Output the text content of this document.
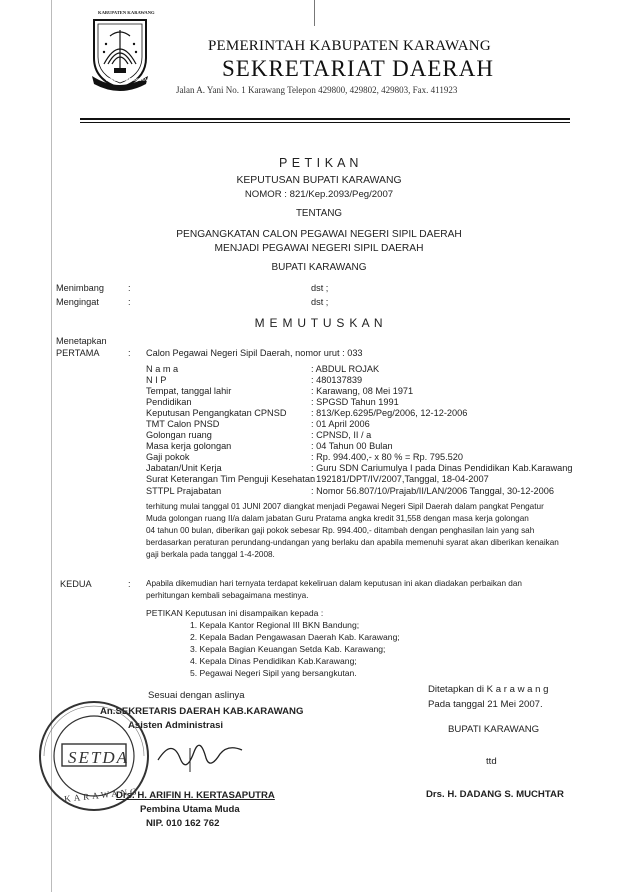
KABUPATEN KARAWANG
SINGAPERBANGSA
PEMERINTAH KABUPATEN KARAWANG
SEKRETARIAT DAERAH
Jalan A. Yani No. 1 Karawang Telepon 429800, 429802, 429803, Fax. 411923
P E T I K A N
KEPUTUSAN BUPATI KARAWANG
NOMOR : 821/Kep.2093/Peg/2007
TENTANG
PENGANGKATAN CALON PEGAWAI NEGERI SIPIL DAERAH
MENJADI PEGAWAI NEGERI SIPIL DAERAH
BUPATI KARAWANG
Menimbang	:	dst ;
Mengingat	:	dst ;
M E M U T U S K A N
Menetapkan
PERTAMA	: Calon Pegawai Negeri Sipil Daerah, nomor urut : 033
N a m a	: ABDUL ROJAK
N I P	: 480137839
Tempat, tanggal lahir	: Karawang, 08 Mei 1971
Pendidikan	: SPGSD Tahun 1991
Keputusan Pengangkatan CPNSD	: 813/Kep.6295/Peg/2006, 12-12-2006
TMT Calon PNSD	: 01 April 2006
Golongan ruang	: CPNSD, II / a
Masa kerja golongan	: 04 Tahun 00 Bulan
Gaji pokok	: Rp. 994.400,- x 80 % = Rp. 795.520
Jabatan/Unit Kerja	: Guru SDN Cariumulya I pada Dinas Pendidikan Kab.Karawang
Surat Keterangan Tim Penguji Kesehatan
: 192181/DPT/IV/2007,Tanggal, 18-04-2007
STTPL Prajabatan	: Nomor 56.807/10/Prajab/II/LAN/2006 Tanggal, 30-12-2006
terhitung mulai tanggal 01 JUNI 2007 diangkat menjadi Pegawai Negeri Sipil Daerah dalam pangkat Pengatur
Muda golongan ruang II/a dalam jabatan Guru Pratama angka kredit 31,558 dengan masa kerja golongan
04 tahun 00 bulan, diberikan gaji pokok sebesar Rp. 994.400,- ditambah dengan penghasilan lain yang sah
berdasarkan peraturan perundang-undangan yang berlaku dan apabila memenuhi syarat akan diberikan kenaikan
gaji berkala pada tanggal 1-4-2008.
KEDUA	: Apabila dikemudian hari ternyata terdapat kekeliruan dalam keputusan ini akan diadakan perbaikan dan
perhitungan kembali sebagaimana mestinya.
PETIKAN Keputusan ini disampaikan kepada :
1. Kepala Kantor Regional III BKN Bandung;
2. Kepala Badan Pengawasan Daerah Kab. Karawang;
3. Kepala Bagian Keuangan Setda Kab. Karawang;
4. Kepala Dinas Pendidikan Kab.Karawang;
5. Pegawai Negeri Sipil yang bersangkutan.
Sesuai dengan aslinya
An.SEKRETARIS DAERAH KAB.KARAWANG
Asisten Administrasi
SETDA
KARAWANG
Drs. H. ARIFIN H. KERTASAPUTRA
Pembina Utama Muda
NIP. 010 162 762
Ditetapkan di K a r a w a n g
Pada tanggal 21 Mei 2007.
BUPATI KARAWANG
ttd
Drs. H. DADANG S. MUCHTAR
